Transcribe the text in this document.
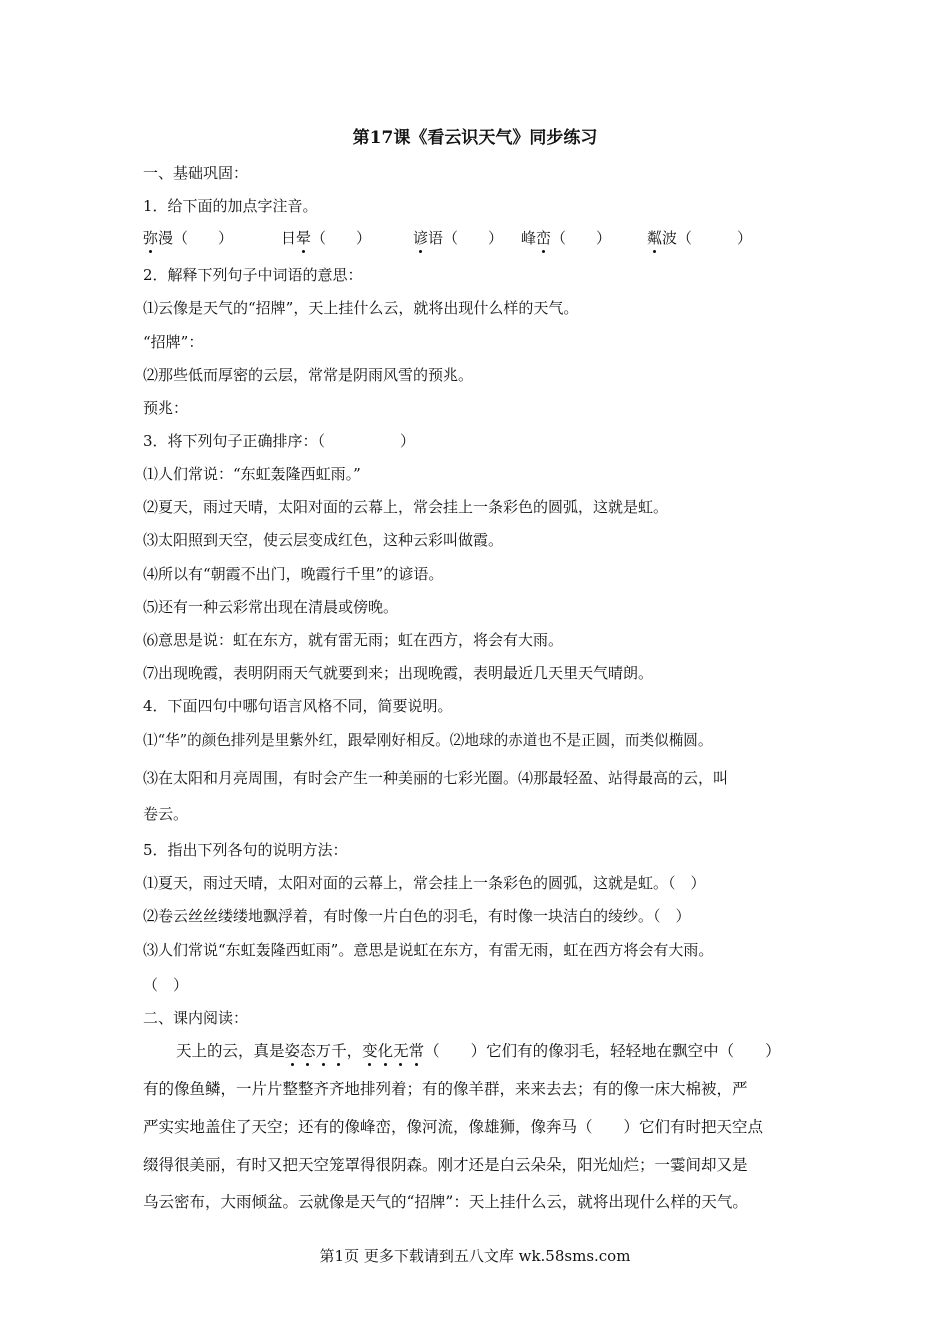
第17课《看云识天气》同步练习
一、基础巩固：
1．给下面的加点字注音。
弥漫（　　）	日晕（　　）	谚语（　　） 峰峦（　　） 粼波（　　　）
2．解释下列句子中词语的意思：
⑴云像是天气的“招牌”，天上挂什么云，就将出现什么样的天气。
“招牌”：
⑵那些低而厚密的云层，常常是阴雨风雪的预兆。
预兆：
3．将下列句子正确排序：（　　　　　）
⑴人们常说：“东虹轰隆西虹雨。”
⑵夏天，雨过天晴，太阳对面的云幕上，常会挂上一条彩色的圆弧，这就是虹。
⑶太阳照到天空，使云层变成红色，这种云彩叫做霞。
⑷所以有“朝霞不出门，晚霞行千里”的谚语。
⑸还有一种云彩常出现在清晨或傍晚。
⑹意思是说：虹在东方，就有雷无雨；虹在西方，将会有大雨。
⑺出现晚霞，表明阴雨天气就要到来；出现晚霞，表明最近几天里天气晴朗。
4．下面四句中哪句语言风格不同，简要说明。
⑴“华”的颜色排列是里紫外红，跟晕刚好相反。⑵地球的赤道也不是正圆，而类似椭圆。
⑶在太阳和月亮周围，有时会产生一种美丽的七彩光圈。⑷那最轻盈、站得最高的云，叫
卷云。
5．指出下列各句的说明方法：
⑴夏天，雨过天晴，太阳对面的云幕上，常会挂上一条彩色的圆弧，这就是虹。（　）
⑵卷云丝丝缕缕地飘浮着，有时像一片白色的羽毛，有时像一块洁白的绫纱。（　）
⑶人们常说“东虹轰隆西虹雨”。意思是说虹在东方，有雷无雨，虹在西方将会有大雨。
（　）
二、课内阅读：
天上的云，真是姿态万千，变化无常（　　）它们有的像羽毛，轻轻地在飘空中（　　）
有的像鱼鳞，一片片整整齐齐地排列着；有的像羊群，来来去去；有的像一床大棉被，严
严实实地盖住了天空；还有的像峰峦，像河流，像雄狮，像奔马（　　）它们有时把天空点
缀得很美丽，有时又把天空笼罩得很阴森。刚才还是白云朵朵，阳光灿烂；一霎间却又是
乌云密布，大雨倾盆。云就像是天气的“招牌”：天上挂什么云，就将出现什么样的天气。
第1页 更多下载请到五八文库 wk.58sms.com
